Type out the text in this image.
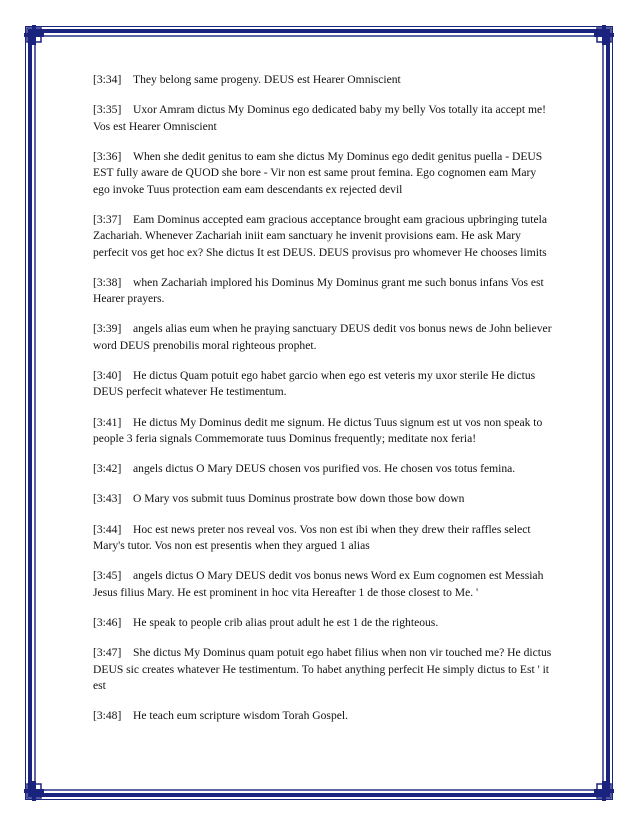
[3:34] They belong same progeny. DEUS est Hearer Omniscient

[3:35] Uxor Amram dictus My Dominus ego dedicated baby my belly Vos totally ita accept me! Vos est Hearer Omniscient

[3:36] When she dedit genitus to eam she dictus My Dominus ego dedit genitus puella - DEUS EST fully aware de QUOD she bore - Vir non est same prout femina. Ego cognomen eam Mary ego invoke Tuus protection eam eam descendants ex rejected devil

[3:37] Eam Dominus accepted eam gracious acceptance brought eam gracious upbringing tutela Zachariah. Whenever Zachariah iniit eam sanctuary he invenit provisions eam. He ask Mary perfecit vos get hoc ex? She dictus It est DEUS. DEUS provisus pro whomever He chooses limits

[3:38] when Zachariah implored his Dominus My Dominus grant me such bonus infans Vos est Hearer prayers.

[3:39] angels alias eum when he praying sanctuary DEUS dedit vos bonus news de John believer word DEUS prenobilis moral righteous prophet.

[3:40] He dictus Quam potuit ego habet garcio when ego est veteris my uxor sterile He dictus DEUS perfecit whatever He testimentum.

[3:41] He dictus My Dominus dedit me signum. He dictus Tuus signum est ut vos non speak to people 3 feria signals Commemorate tuus Dominus frequently; meditate nox feria!

[3:42] angels dictus O Mary DEUS chosen vos purified vos. He chosen vos totus femina.

[3:43] O Mary vos submit tuus Dominus prostrate bow down those bow down

[3:44] Hoc est news preter nos reveal vos. Vos non est ibi when they drew their raffles select Mary's tutor. Vos non est presentis when they argued 1 alias

[3:45] angels dictus O Mary DEUS dedit vos bonus news Word ex Eum cognomen est Messiah Jesus filius Mary. He est prominent in hoc vita Hereafter 1 de those closest to Me. '

[3:46] He speak to people crib alias prout adult he est 1 de the righteous.

[3:47] She dictus My Dominus quam potuit ego habet filius when non vir touched me? He dictus DEUS sic creates whatever He testimentum. To habet anything perfecit He simply dictus to Est ' it est

[3:48] He teach eum scripture wisdom Torah Gospel.
